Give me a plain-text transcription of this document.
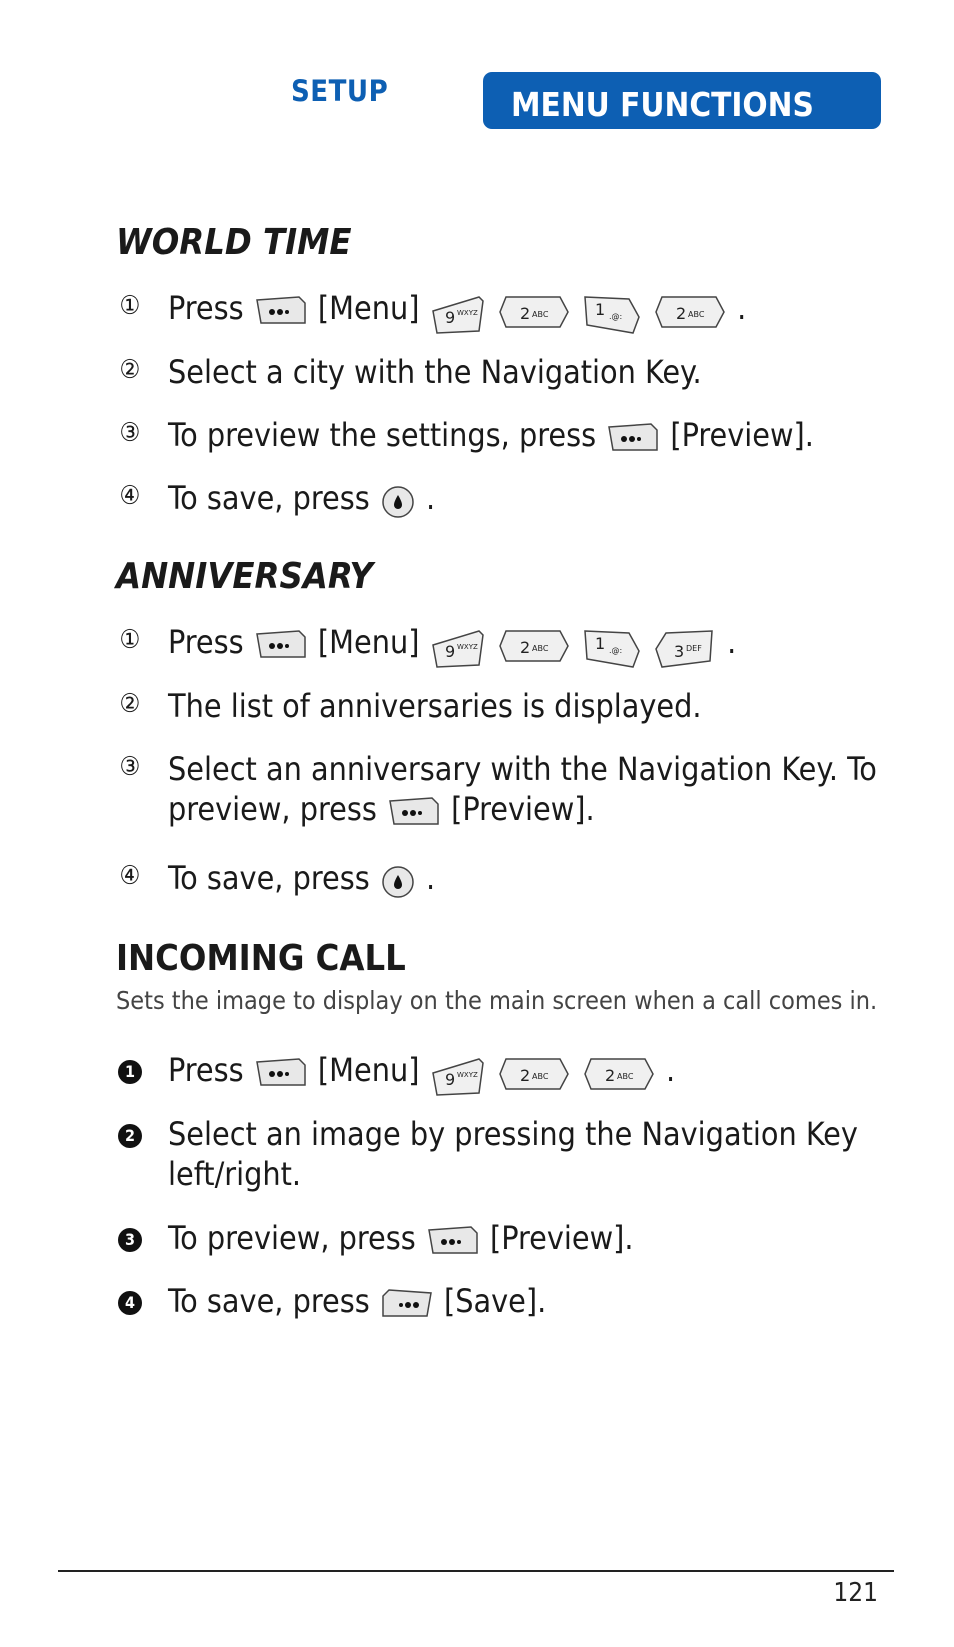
SETUP	MENU FUNCTIONS
WORLD TIME
① Press [Menu] 9 WXYZ
	2 ABC
	1 .@:
	2 ABC .
② Select a city with the Navigation Key.
③ To preview the settings, press [Preview].
④ To save, press .
ANNIVERSARY
① Press [Menu] 9 WXYZ
	2 ABC
	1 .@:
	3 DEF .
② The list of anniversaries is displayed.
③ Select an anniversary with the Navigation Key. To
preview, press [Preview].
④ To save, press .
INCOMING CALL
Sets the image to display on the main screen when a call comes in.
1 Press [Menu] 9 WXYZ
	2 ABC
	2 ABC .
2 Select an image by pressing the Navigation Key
left/right.
3 To preview, press [Preview].
4 To save, press [Save].
121
